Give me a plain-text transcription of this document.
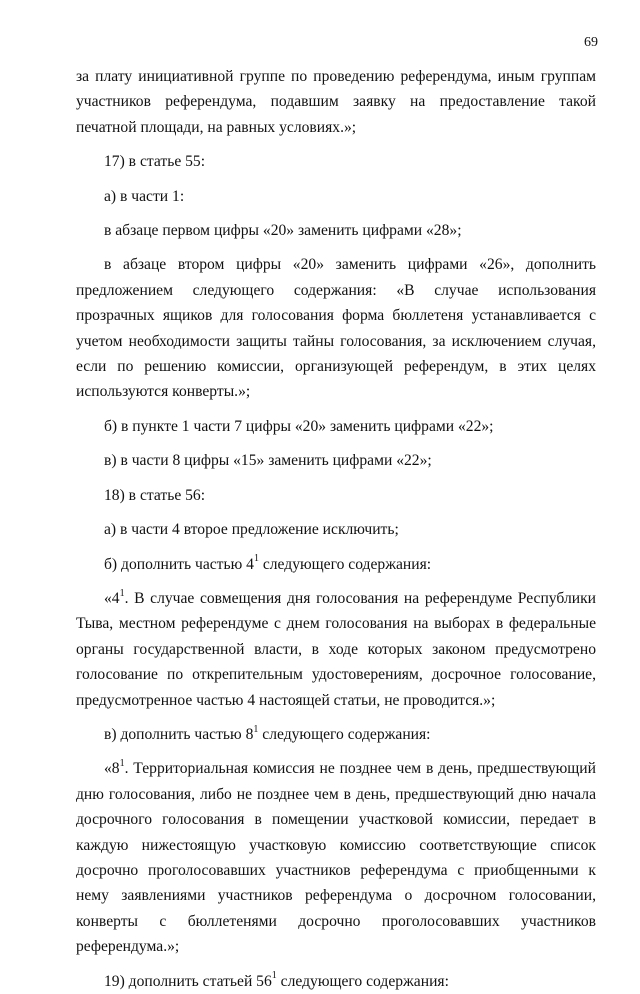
69

за плату инициативной группе по проведению референдума, иным группам участников референдума, подавшим заявку на предоставление такой печатной площади, на равных условиях.»;

17) в статье 55:

а) в части 1:

в абзаце первом цифры «20» заменить цифрами «28»;

в абзаце втором цифры «20» заменить цифрами «26», дополнить предложением следующего содержания: «В случае использования прозрачных ящиков для голосования форма бюллетеня устанавливается с учетом необходимости защиты тайны голосования, за исключением случая, если по решению комиссии, организующей референдум, в этих целях используются конверты.»;

б) в пункте 1 части 7 цифры «20» заменить цифрами «22»;

в) в части 8 цифры «15» заменить цифрами «22»;

18) в статье 56:

а) в части 4 второе предложение исключить;

б) дополнить частью $4^1$ следующего содержания:

«$4^1$. В случае совмещения дня голосования на референдуме Республики Тыва, местном референдуме с днем голосования на выборах в федеральные органы государственной власти, в ходе которых законом предусмотрено голосование по открепительным удостоверениям, досрочное голосование, предусмотренное частью 4 настоящей статьи, не проводится.»;

в) дополнить частью $8^1$ следующего содержания:

«$8^1$. Территориальная комиссия не позднее чем в день, предшествующий дню голосования, либо не позднее чем в день, предшествующий дню начала досрочного голосования в помещении участковой комиссии, передает в каждую нижестоящую участковую комиссию соответствующие список досрочно проголосовавших участников референдума с приобщенными к нему заявлениями участников референдума о досрочном голосовании, конверты с бюллетенями досрочно проголосовавших участников референдума.»;

19) дополнить статьей $56^1$ следующего содержания:
